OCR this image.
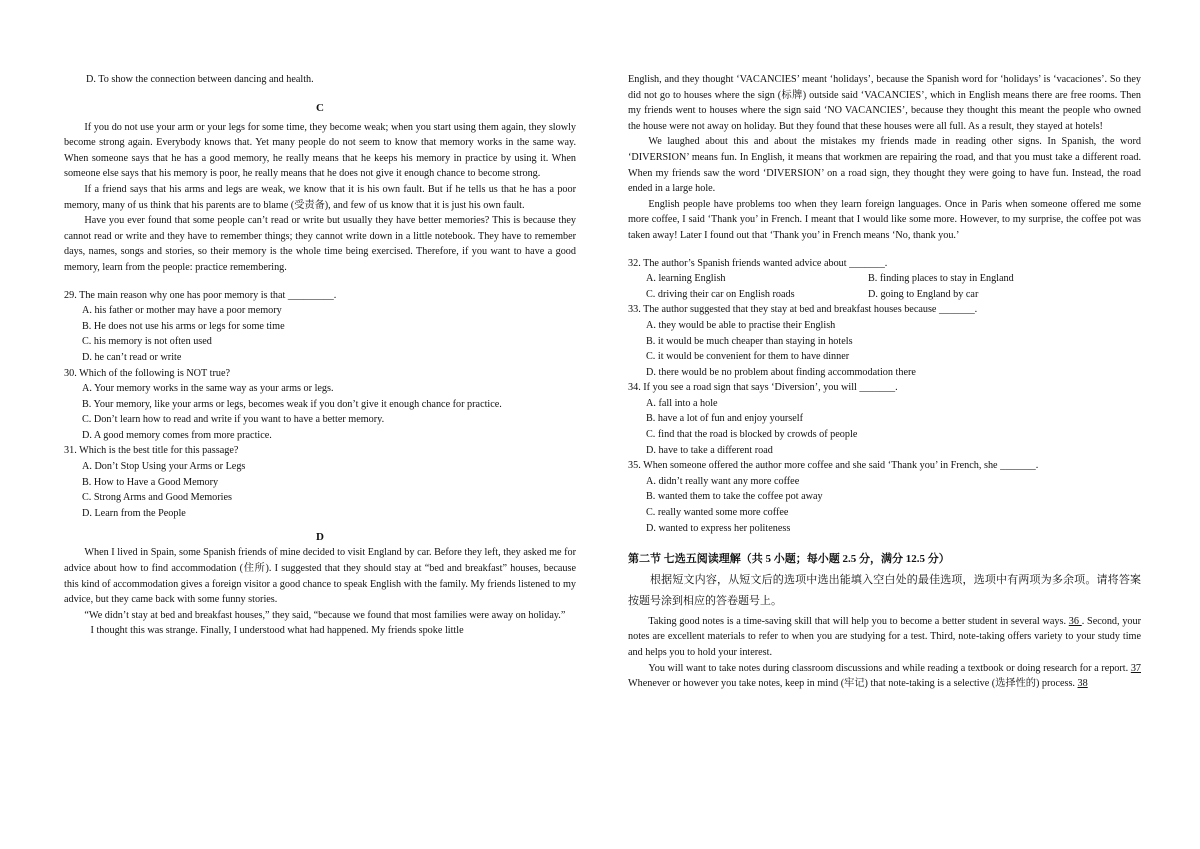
D. To show the connection between dancing and health.

C

If you do not use your arm or your legs for some time, they become weak; when you start using them again, they slowly become strong again. Everybody knows that. Yet many people do not seem to know that memory works in the same way. When someone says that he has a good memory, he really means that he keeps his memory in practice by using it. When someone else says that his memory is poor, he really means that he does not give it enough chance to become strong.

If a friend says that his arms and legs are weak, we know that it is his own fault. But if he tells us that he has a poor memory, many of us think that his parents are to blame (受责备), and few of us know that it is just his own fault.

Have you ever found that some people can’t read or write but usually they have better memories? This is because they cannot read or write and they have to remember things; they cannot write down in a little notebook. They have to remember days, names, songs and stories, so their memory is the whole time being exercised. Therefore, if you want to have a good memory, learn from the people: practice remembering.

29. The main reason why one has poor memory is that _________.

A. his father or mother may have a poor memory

B. He does not use his arms or legs for some time

C. his memory is not often used

D. he can’t read or write

30. Which of the following is NOT true?

A. Your memory works in the same way as your arms or legs.

B. Your memory, like your arms or legs, becomes weak if you don’t give it enough chance for practice.

C. Don’t learn how to read and write if you want to have a better memory.

D. A good memory comes from more practice.

31. Which is the best title for this passage?

A. Don’t Stop Using your Arms or Legs

B. How to Have a Good Memory

C. Strong Arms and Good Memories

D. Learn from the People

D

When I lived in Spain, some Spanish friends of mine decided to visit England by car. Before they left, they asked me for advice about how to find accommodation (住所). I suggested that they should stay at “bed and breakfast” houses, because this kind of accommodation gives a foreign visitor a good chance to speak English with the family. My friends listened to my advice, but they came back with some funny stories.

“We didn’t stay at bed and breakfast houses,” they said, “because we found that most families were away on holiday.”

I thought this was strange. Finally, I understood what had happened. My friends spoke little

English, and they thought ‘VACANCIES’ meant ‘holidays’, because the Spanish word for ‘holidays’ is ‘vacaciones’. So they did not go to houses where the sign (标牌) outside said ‘VACANCIES’, which in English means there are free rooms. Then my friends went to houses where the sign said ‘NO VACANCIES’, because they thought this meant the people who owned the house were not away on holiday. But they found that these houses were all full. As a result, they stayed at hotels!

We laughed about this and about the mistakes my friends made in reading other signs. In Spanish, the word ‘DIVERSION’ means fun. In English, it means that workmen are repairing the road, and that you must take a different road. When my friends saw the word ‘DIVERSION’ on a road sign, they thought they were going to have fun. Instead, the road ended in a large hole.

English people have problems too when they learn foreign languages. Once in Paris when someone offered me some more coffee, I said ‘Thank you’ in French. I meant that I would like some more. However, to my surprise, the coffee pot was taken away! Later I found out that ‘Thank you’ in French means ‘No, thank you.’

32. The author’s Spanish friends wanted advice about _______.

A. learning English	B. finding places to stay in England
C. driving their car on English roads	D. going to England by car

33. The author suggested that they stay at bed and breakfast houses because _______.

A. they would be able to practise their English

B. it would be much cheaper than staying in hotels

C. it would be convenient for them to have dinner

D. there would be no problem about finding accommodation there

34. If you see a road sign that says ‘Diversion’, you will _______.

A. fall into a hole

B. have a lot of fun and enjoy yourself

C. find that the road is blocked by crowds of people

D. have to take a different road

35. When someone offered the author more coffee and she said ‘Thank you’ in French, she _______.

A. didn’t really want any more coffee

B. wanted them to take the coffee pot away

C. really wanted some more coffee

D. wanted to express her politeness

第二节 七选五阅读理解（共 5 小题；每小题 2.5 分，满分 12.5 分）

根据短文内容，从短文后的选项中选出能填入空白处的最佳选项，选项中有两项为多余项。请将答案按题号涂到相应的答卷题号上。

Taking good notes is a time-saving skill that will help you to become a better student in several ways. 36 . Second, your notes are excellent materials to refer to when you are studying for a test. Third, note-taking offers variety to your study time and helps you to hold your interest.

You will want to take notes during classroom discussions and while reading a textbook or doing research for a report. 37 Whenever or however you take notes, keep in mind (牢记) that note-taking is a selective (选择性的) process. 38
